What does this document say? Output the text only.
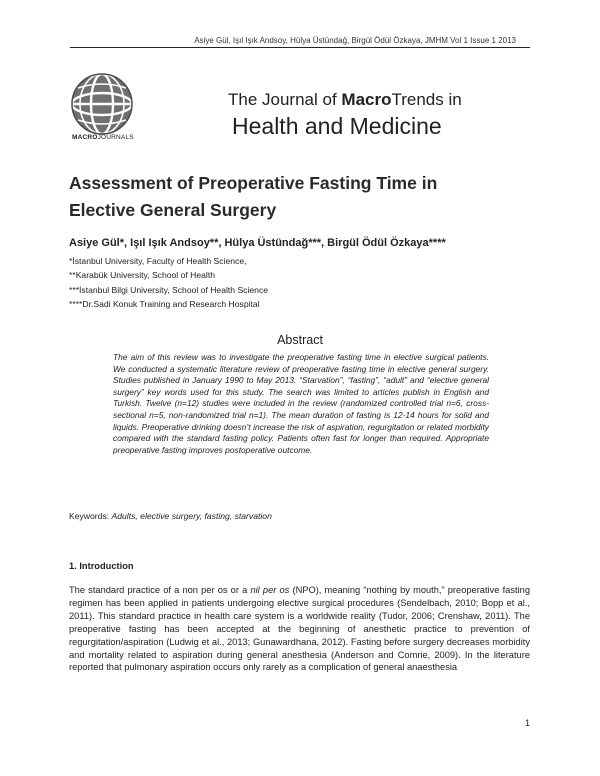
Asiye Gül, Işıl Işık Andsoy, Hülya Üstündağ, Birgül Ödül Özkaya, JMHM Vol 1 Issue 1 2013
MACROJOURNALS
The Journal of MacroTrends in
Health and Medicine
Assessment of Preoperative Fasting Time in Elective General Surgery
Asiye Gül*, Işıl Işık Andsoy**, Hülya Üstündağ***, Birgül Ödül Özkaya****
*İstanbul University, Faculty of Health Science,
**Karabük University, School of Health
***İstanbul Bilgi University, School of Health Science
****Dr.Sadi Konuk Training and Research Hospital
Abstract
The aim of this review was to investigate the preoperative fasting time in elective surgical patients. We conducted a systematic literature review of preoperative fasting time in elective general surgery. Studies published in January 1990 to May 2013. “Starvation”, “fasting”, “adult” and “elective general surgery” key words used for this study. The search was limited to articles publish in English and Turkish. Twelve (n=12) studies were included in the review (randomized controlled trial n=6, cross-sectional n=5, non-randomized trial n=1). The mean duration of fasting is 12-14 hours for solid and liquids. Preoperative drinking doesn’t increase the risk of aspiration, regurgitation or related morbidity compared with the standard fasting policy. Patients often fast for longer than required. Appropriate preoperative fasting improves postoperative outcome.
Keywords: Adults, elective surgery, fasting, starvation
1. Introduction

The standard practice of a non per os or a nil per os (NPO), meaning “nothing by mouth,” preoperative fasting regimen has been applied in patients undergoing elective surgical procedures (Sendelbach, 2010; Bopp et al., 2011). This standard practice in health care system is a worldwide reality (Tudor, 2006; Crenshaw, 2011). The preoperative fasting has been accepted at the beginning of anesthetic practice to prevention of regurgitation/aspiration (Ludwig et al., 2013; Gunawardhana, 2012). Fasting before surgery decreases morbidity and mortality related to aspiration during general anesthesia (Anderson and Comrie, 2009). In the literature reported that pulmonary aspiration occurs only rarely as a complication of general anaesthesia

1
